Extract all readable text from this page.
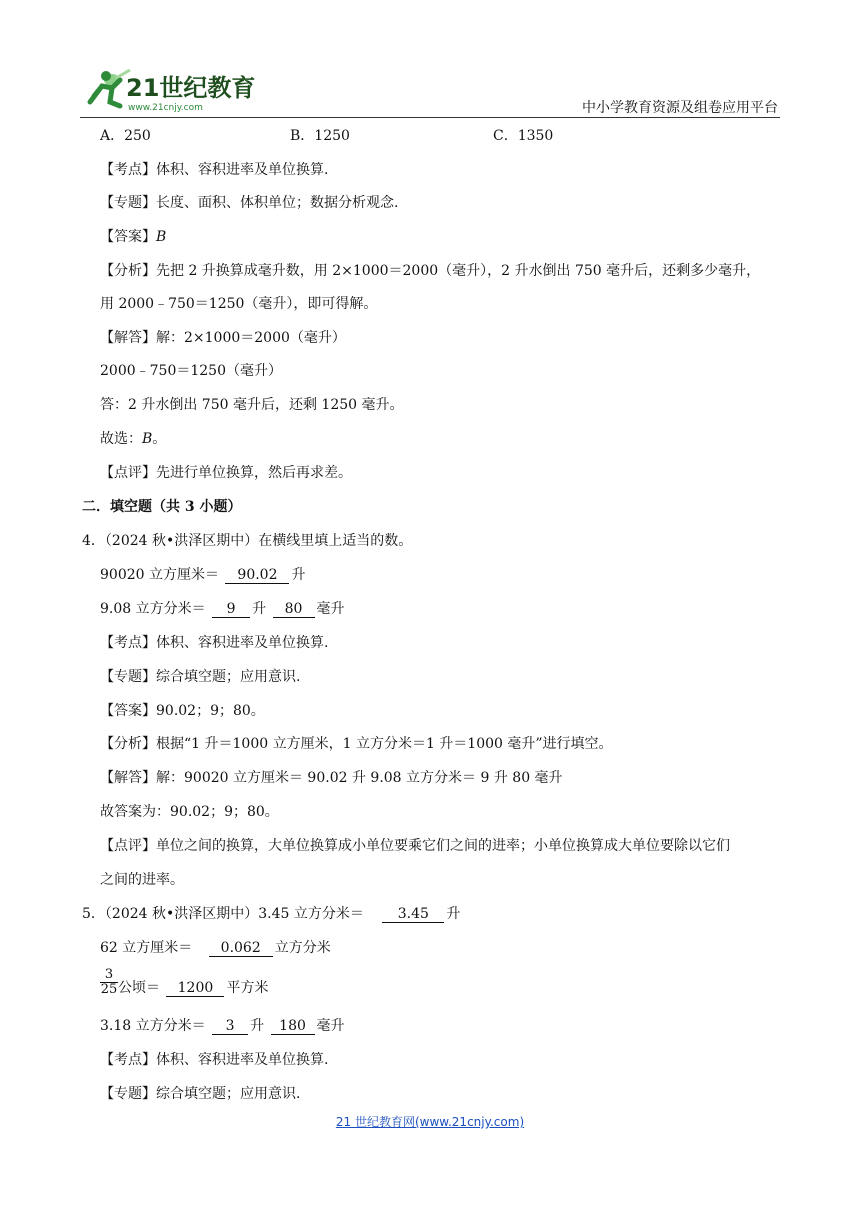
21世纪教育
www.21cnjy.com	中小学教育资源及组卷应用平台
A．250	B．1250	C．1350
【考点】体积、容积进率及单位换算.
【专题】长度、面积、体积单位；数据分析观念.
【答案】B
【分析】先把 2 升换算成毫升数，用 2×1000＝2000（毫升），2 升水倒出 750 毫升后，还剩多少毫升，
用 2000﹣750＝1250（毫升），即可得解。
【解答】解：2×1000＝2000（毫升）
2000﹣750＝1250（毫升）
答：2 升水倒出 750 毫升后，还剩 1250 毫升。
故选：B。
【点评】先进行单位换算，然后再求差。
二．填空题（共 3 小题）
4．（2024 秋•洪泽区期中）在横线里填上适当的数。
90020 立方厘米＝ 90.02 升
9.08 立方分米＝ 9 升 80 毫升
【考点】体积、容积进率及单位换算.
【专题】综合填空题；应用意识.
【答案】90.02；9；80。
【分析】根据“1 升＝1000 立方厘米，1 立方分米＝1 升＝1000 毫升”进行填空。
【解答】解：90020 立方厘米＝ 90.02 升 9.08 立方分米＝ 9 升 80 毫升
故答案为：90.02；9；80。
【点评】单位之间的换算，大单位换算成小单位要乘它们之间的进率；小单位换算成大单位要除以它们
之间的进率。
5．（2024 秋•洪泽区期中）3.45 立方分米＝ 3.45 升
62 立方厘米＝ 0.062 立方分米
$\frac{3}{25}$ 公顷＝ 1200 平方米
3.18 立方分米＝ 3 升 180 毫升
【考点】体积、容积进率及单位换算.
【专题】综合填空题；应用意识.
21 世纪教育网(www.21cnjy.com)
